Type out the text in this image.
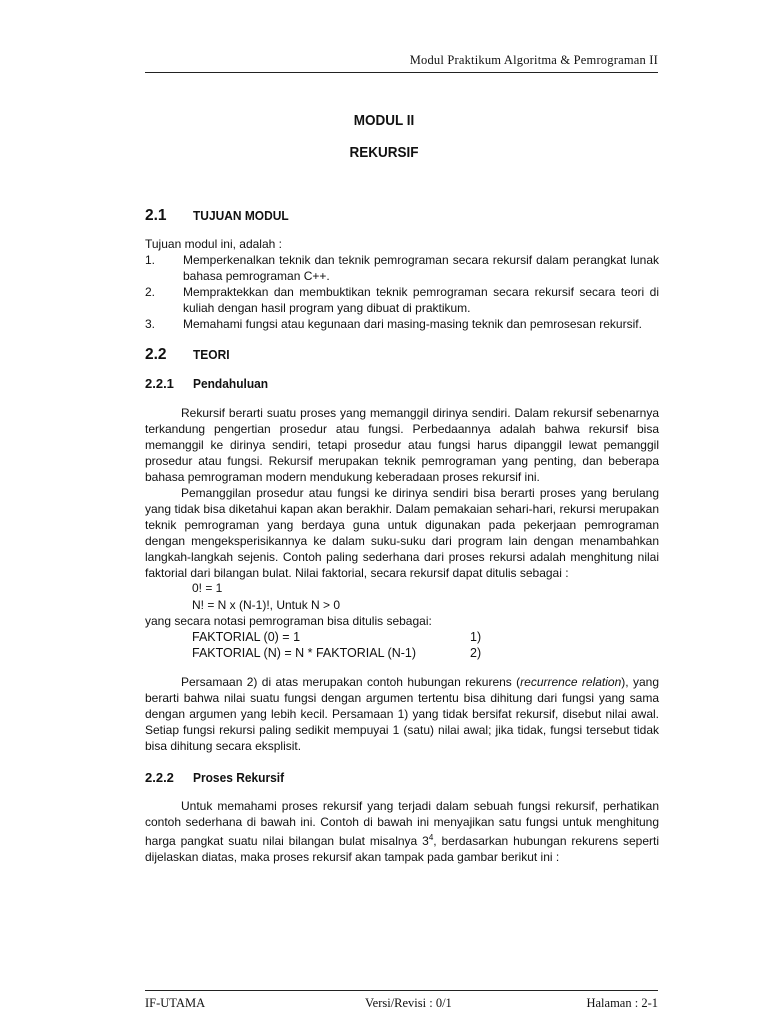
Modul Praktikum Algoritma & Pemrograman II
MODUL II
REKURSIF
2.1 TUJUAN MODUL
Tujuan modul ini, adalah :
1. Memperkenalkan teknik dan teknik pemrograman secara rekursif dalam perangkat lunak bahasa pemrograman C++.
2. Mempraktekkan dan membuktikan teknik pemrograman secara rekursif secara teori di kuliah dengan hasil program yang dibuat di praktikum.
3. Memahami fungsi atau kegunaan dari masing-masing teknik dan pemrosesan rekursif.
2.2 TEORI
2.2.1 Pendahuluan

Rekursif berarti suatu proses yang memanggil dirinya sendiri. Dalam rekursif sebenarnya terkandung pengertian prosedur atau fungsi. Perbedaannya adalah bahwa rekursif bisa memanggil ke dirinya sendiri, tetapi prosedur atau fungsi harus dipanggil lewat pemanggil prosedur atau fungsi. Rekursif merupakan teknik pemrograman yang penting, dan beberapa bahasa pemrograman modern mendukung keberadaan proses rekursif ini.

Pemanggilan prosedur atau fungsi ke dirinya sendiri bisa berarti proses yang berulang yang tidak bisa diketahui kapan akan berakhir. Dalam pemakaian sehari-hari, rekursi merupakan teknik pemrograman yang berdaya guna untuk digunakan pada pekerjaan pemrograman dengan mengeksperisikannya ke dalam suku-suku dari program lain dengan menambahkan langkah-langkah sejenis. Contoh paling sederhana dari proses rekursi adalah menghitung nilai faktorial dari bilangan bulat. Nilai faktorial, secara rekursif dapat ditulis sebagai :

0! = 1
N! = N x (N-1)!, Untuk N > 0
yang secara notasi pemrograman bisa ditulis sebagai:
FAKTORIAL (0) = 1	1)
FAKTORIAL (N) = N * FAKTORIAL (N-1)	2)

Persamaan 2) di atas merupakan contoh hubungan rekurens (recurrence relation), yang berarti bahwa nilai suatu fungsi dengan argumen tertentu bisa dihitung dari fungsi yang sama dengan argumen yang lebih kecil. Persamaan 1) yang tidak bersifat rekursif, disebut nilai awal. Setiap fungsi rekursi paling sedikit mempuyai 1 (satu) nilai awal; jika tidak, fungsi tersebut tidak bisa dihitung secara eksplisit.

2.2.2 Proses Rekursif

Untuk memahami proses rekursif yang terjadi dalam sebuah fungsi rekursif, perhatikan contoh sederhana di bawah ini. Contoh di bawah ini menyajikan satu fungsi untuk menghitung harga pangkat suatu nilai bilangan bulat misalnya $3^4$, berdasarkan hubungan rekurens seperti dijelaskan diatas, maka proses rekursif akan tampak pada gambar berikut ini :

IF-UTAMA	Versi/Revisi : 0/1	Halaman : 2-1
